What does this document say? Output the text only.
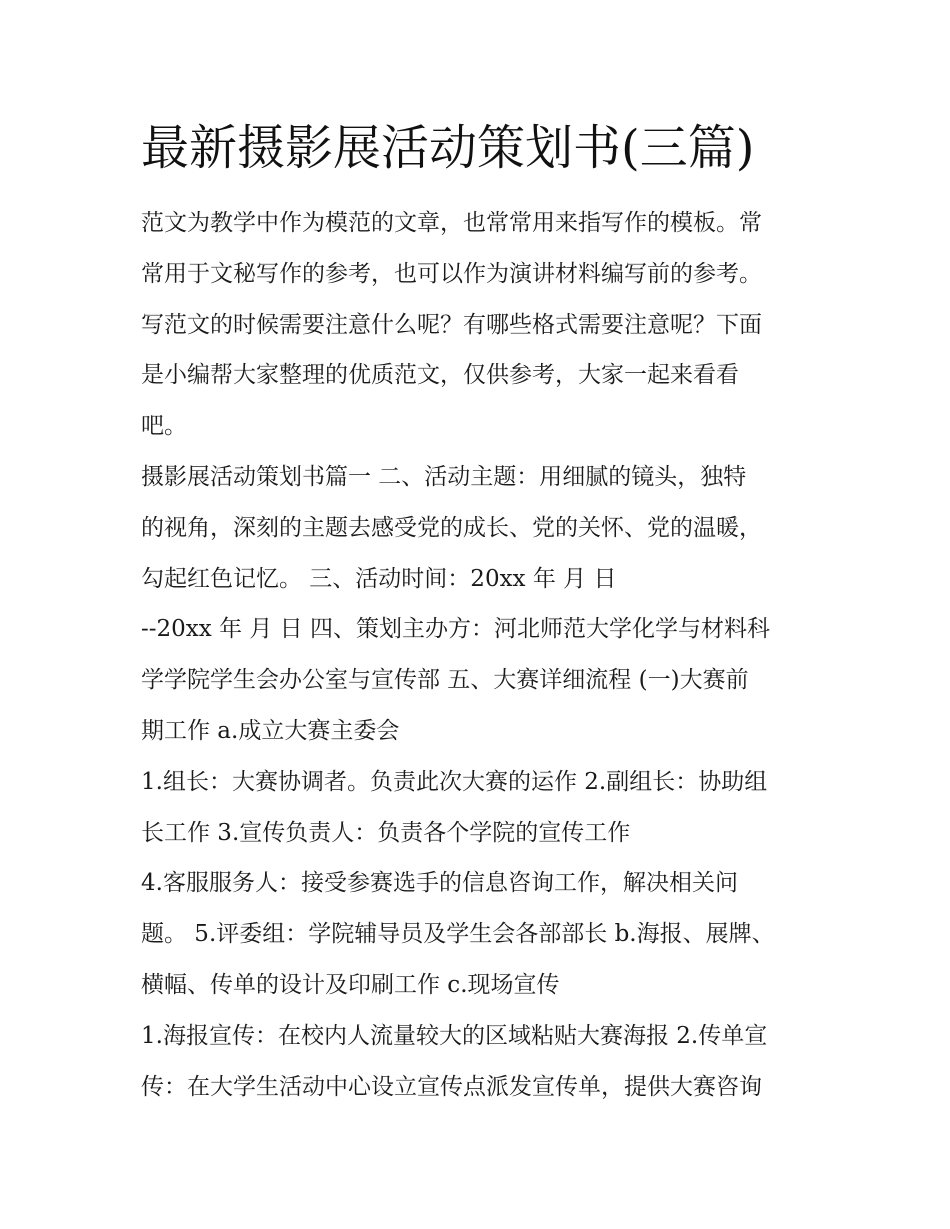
最新摄影展活动策划书(三篇)

范文为教学中作为模范的文章，也常常用来指写作的模板。常

常用于文秘写作的参考，也可以作为演讲材料编写前的参考。

写范文的时候需要注意什么呢？有哪些格式需要注意呢？下面

是小编帮大家整理的优质范文，仅供参考，大家一起来看看

吧。

摄影展活动策划书篇一 二、活动主题：用细腻的镜头，独特

的视角，深刻的主题去感受党的成长、党的关怀、党的温暖，

勾起红色记忆。 三、活动时间：20xx 年 月 日

--20xx 年 月 日 四、策划主办方：河北师范大学化学与材料科

学学院学生会办公室与宣传部 五、大赛详细流程 (一)大赛前

期工作 a.成立大赛主委会

1.组长：大赛协调者。负责此次大赛的运作 2.副组长：协助组

长工作 3.宣传负责人：负责各个学院的宣传工作

4.客服服务人：接受参赛选手的信息咨询工作，解决相关问

题。 5.评委组：学院辅导员及学生会各部部长 b.海报、展牌、

横幅、传单的设计及印刷工作 c.现场宣传

1.海报宣传：在校内人流量较大的区域粘贴大赛海报 2.传单宣

传：在大学生活动中心设立宣传点派发宣传单，提供大赛咨询
